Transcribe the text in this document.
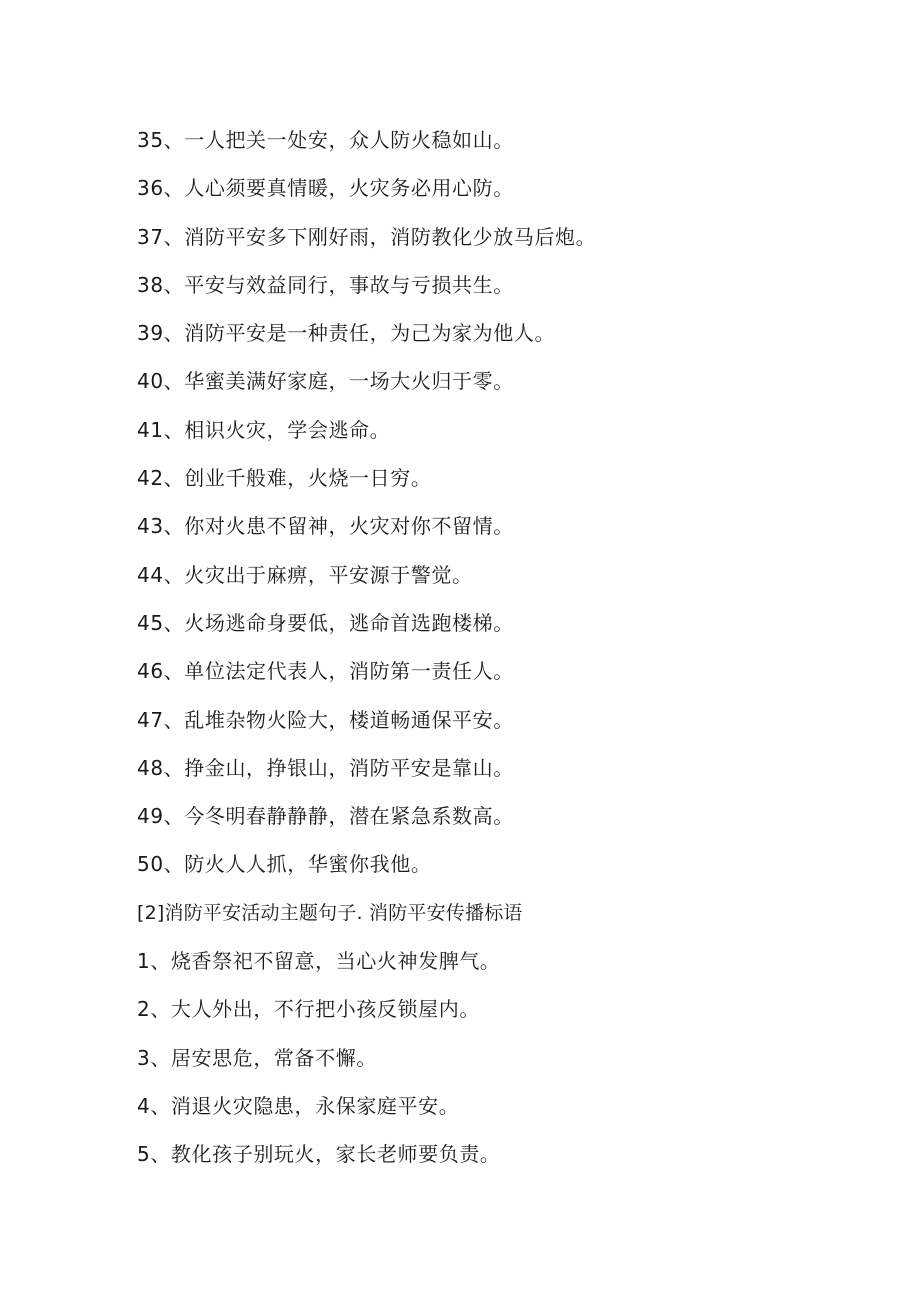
35、一人把关一处安，众人防火稳如山。
36、人心须要真情暖，火灾务必用心防。
37、消防平安多下刚好雨，消防教化少放马后炮。
38、平安与效益同行，事故与亏损共生。
39、消防平安是一种责任，为己为家为他人。
40、华蜜美满好家庭，一场大火归于零。
41、相识火灾，学会逃命。
42、创业千般难，火烧一日穷。
43、你对火患不留神，火灾对你不留情。
44、火灾出于麻痹，平安源于警觉。
45、火场逃命身要低，逃命首选跑楼梯。
46、单位法定代表人，消防第一责任人。
47、乱堆杂物火险大，楼道畅通保平安。
48、挣金山，挣银山，消防平安是靠山。
49、今冬明春静静静，潜在紧急系数高。
50、防火人人抓，华蜜你我他。
[2]消防平安活动主题句子. 消防平安传播标语
1、烧香祭祀不留意，当心火神发脾气。
2、大人外出，不行把小孩反锁屋内。
3、居安思危，常备不懈。
4、消退火灾隐患，永保家庭平安。
5、教化孩子别玩火，家长老师要负责。
